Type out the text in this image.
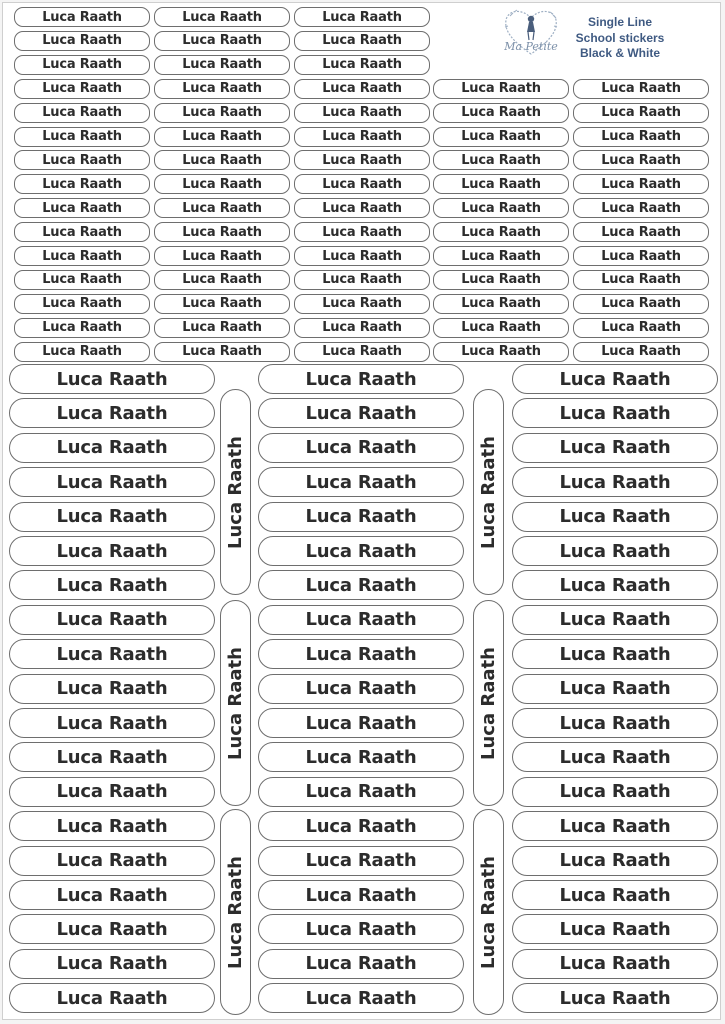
Ma Petite
Single Line
School stickers
Black & White
Luca Raath	Luca Raath	Luca Raath
Luca Raath	Luca Raath	Luca Raath
Luca Raath	Luca Raath	Luca Raath
Luca Raath	Luca Raath	Luca Raath	Luca Raath	Luca Raath
Luca Raath	Luca Raath	Luca Raath	Luca Raath	Luca Raath
Luca Raath	Luca Raath	Luca Raath	Luca Raath	Luca Raath
Luca Raath	Luca Raath	Luca Raath	Luca Raath	Luca Raath
Luca Raath	Luca Raath	Luca Raath	Luca Raath	Luca Raath
Luca Raath	Luca Raath	Luca Raath	Luca Raath	Luca Raath
Luca Raath	Luca Raath	Luca Raath	Luca Raath	Luca Raath
Luca Raath	Luca Raath	Luca Raath	Luca Raath	Luca Raath
Luca Raath	Luca Raath	Luca Raath	Luca Raath	Luca Raath
Luca Raath	Luca Raath	Luca Raath	Luca Raath	Luca Raath
Luca Raath	Luca Raath	Luca Raath	Luca Raath	Luca Raath
Luca Raath	Luca Raath	Luca Raath	Luca Raath	Luca Raath
Luca Raath	Luca Raath	Luca Raath
Luca Raath	Luca Raath	Luca Raath
Luca Raath	Luca Raath	Luca Raath
Luca Raath	Luca Raath	Luca Raath
Luca Raath	Luca Raath	Luca Raath
Luca Raath	Luca Raath	Luca Raath
Luca Raath	Luca Raath	Luca Raath
Luca Raath	Luca Raath	Luca Raath
Luca Raath	Luca Raath	Luca Raath
Luca Raath	Luca Raath	Luca Raath
Luca Raath	Luca Raath	Luca Raath
Luca Raath	Luca Raath	Luca Raath
Luca Raath	Luca Raath	Luca Raath
Luca Raath	Luca Raath	Luca Raath
Luca Raath	Luca Raath	Luca Raath
Luca Raath	Luca Raath	Luca Raath
Luca Raath	Luca Raath	Luca Raath
Luca Raath	Luca Raath	Luca Raath
Luca Raath	Luca Raath	Luca Raath
Luca Raath
Luca Raath
Luca Raath
Luca Raath
Luca Raath
Luca Raath
